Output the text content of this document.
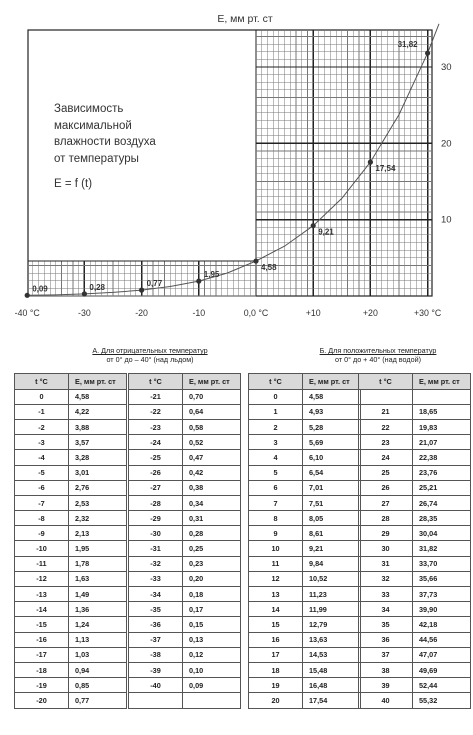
0,09	0,28	0,77
1,95
4,58
9,21
17,54
31,82
-40 °C	-30	-20	-10	0,0 °C	+10	+20	+30 °C
10
20
30
E, мм рт. ст
Зависимость
максимальной
влажности воздуха
от температуры
E = f (t)
А. Для отрицательных температур
от 0° до – 40° (над льдом)
Б. Для положительных температур
от 0° до + 40° (над водой)
t °C	E, мм рт. ст
0	4,58
-1	4,22
-2	3,88
-3	3,57
-4	3,28
-5	3,01
-6	2,76
-7	2,53
-8	2,32
-9	2,13
-10	1,95
-11	1,78
-12	1,63
-13	1,49
-14	1,36
-15	1,24
-16	1,13
-17	1,03
-18	0,94
-19	0,85
-20	0,77
t °C	E, мм рт. ст
-21	0,70
-22	0,64
-23	0,58
-24	0,52
-25	0,47
-26	0,42
-27	0,38
-28	0,34
-29	0,31
-30	0,28
-31	0,25
-32	0,23
-33	0,20
-34	0,18
-35	0,17
-36	0,15
-37	0,13
-38	0,12
-39	0,10
-40	0,09

t °C	E, мм рт. ст
0	4,58
1	4,93
2	5,28
3	5,69
4	6,10
5	6,54
6	7,01
7	7,51
8	8,05
9	8,61
10	9,21
11	9,84
12	10,52
13	11,23
14	11,99
15	12,79
16	13,63
17	14,53
18	15,48
19	16,48
20	17,54
t °C	E, мм рт. ст

21	18,65
22	19,83
23	21,07
24	22,38
25	23,76
26	25,21
27	26,74
28	28,35
29	30,04
30	31,82
31	33,70
32	35,66
33	37,73
34	39,90
35	42,18
36	44,56
37	47,07
38	49,69
39	52,44
40	55,32
